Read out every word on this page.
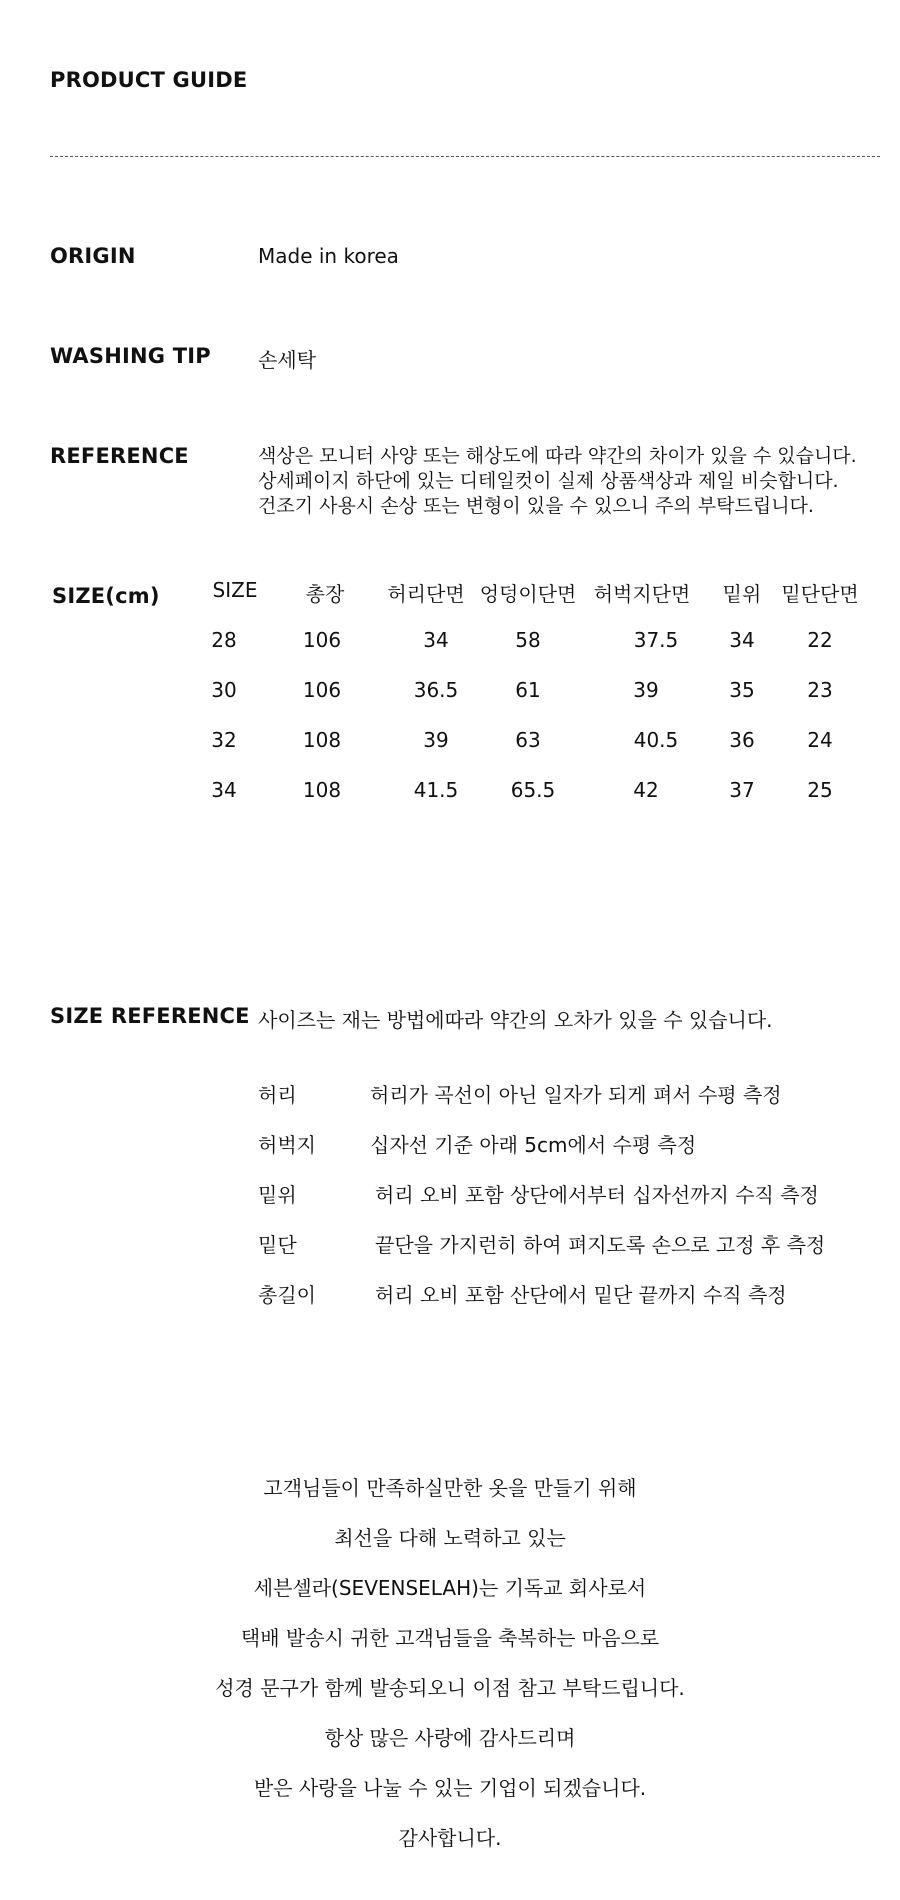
PRODUCT GUIDE
ORIGIN	Made in korea
WASHING TIP 손세탁
REFERENCE	색상은 모니터 사양 또는 해상도에 따라 약간의 차이가 있을 수 있습니다.
상세페이지 하단에 있는 디테일컷이 실제 상품색상과 제일 비슷합니다.
건조기 사용시 손상 또는 변형이 있을 수 있으니 주의 부탁드립니다.
SIZE(cm)	SIZE 총장 허리단면 엉덩이단면 허벅지단면 밑위 밑단단면
28	106	34	58	37.5	34	22
30	106	36.5	61	39	35	23
32	108	39	63	40.5	36	24
34	108	41.5	65.5	42	37	25
SIZE REFERENCE 사이즈는 재는 방법에따라 약간의 오차가 있을 수 있습니다.
허리	허리가 곡선이 아닌 일자가 되게 펴서 수평 측정
허벅지	십자선 기준 아래 5cm에서 수평 측정
밑위	허리 오비 포함 상단에서부터 십자선까지 수직 측정
밑단	끝단을 가지런히 하여 펴지도록 손으로 고정 후 측정
총길이	허리 오비 포함 산단에서 밑단 끝까지 수직 측정
고객님들이 만족하실만한 옷을 만들기 위해
최선을 다해 노력하고 있는
세븐셀라(SEVENSELAH)는 기독교 회사로서
택배 발송시 귀한 고객님들을 축복하는 마음으로
성경 문구가 함께 발송되오니 이점 참고 부탁드립니다.
항상 많은 사랑에 감사드리며
받은 사랑을 나눌 수 있는 기업이 되겠습니다.
감사합니다.
